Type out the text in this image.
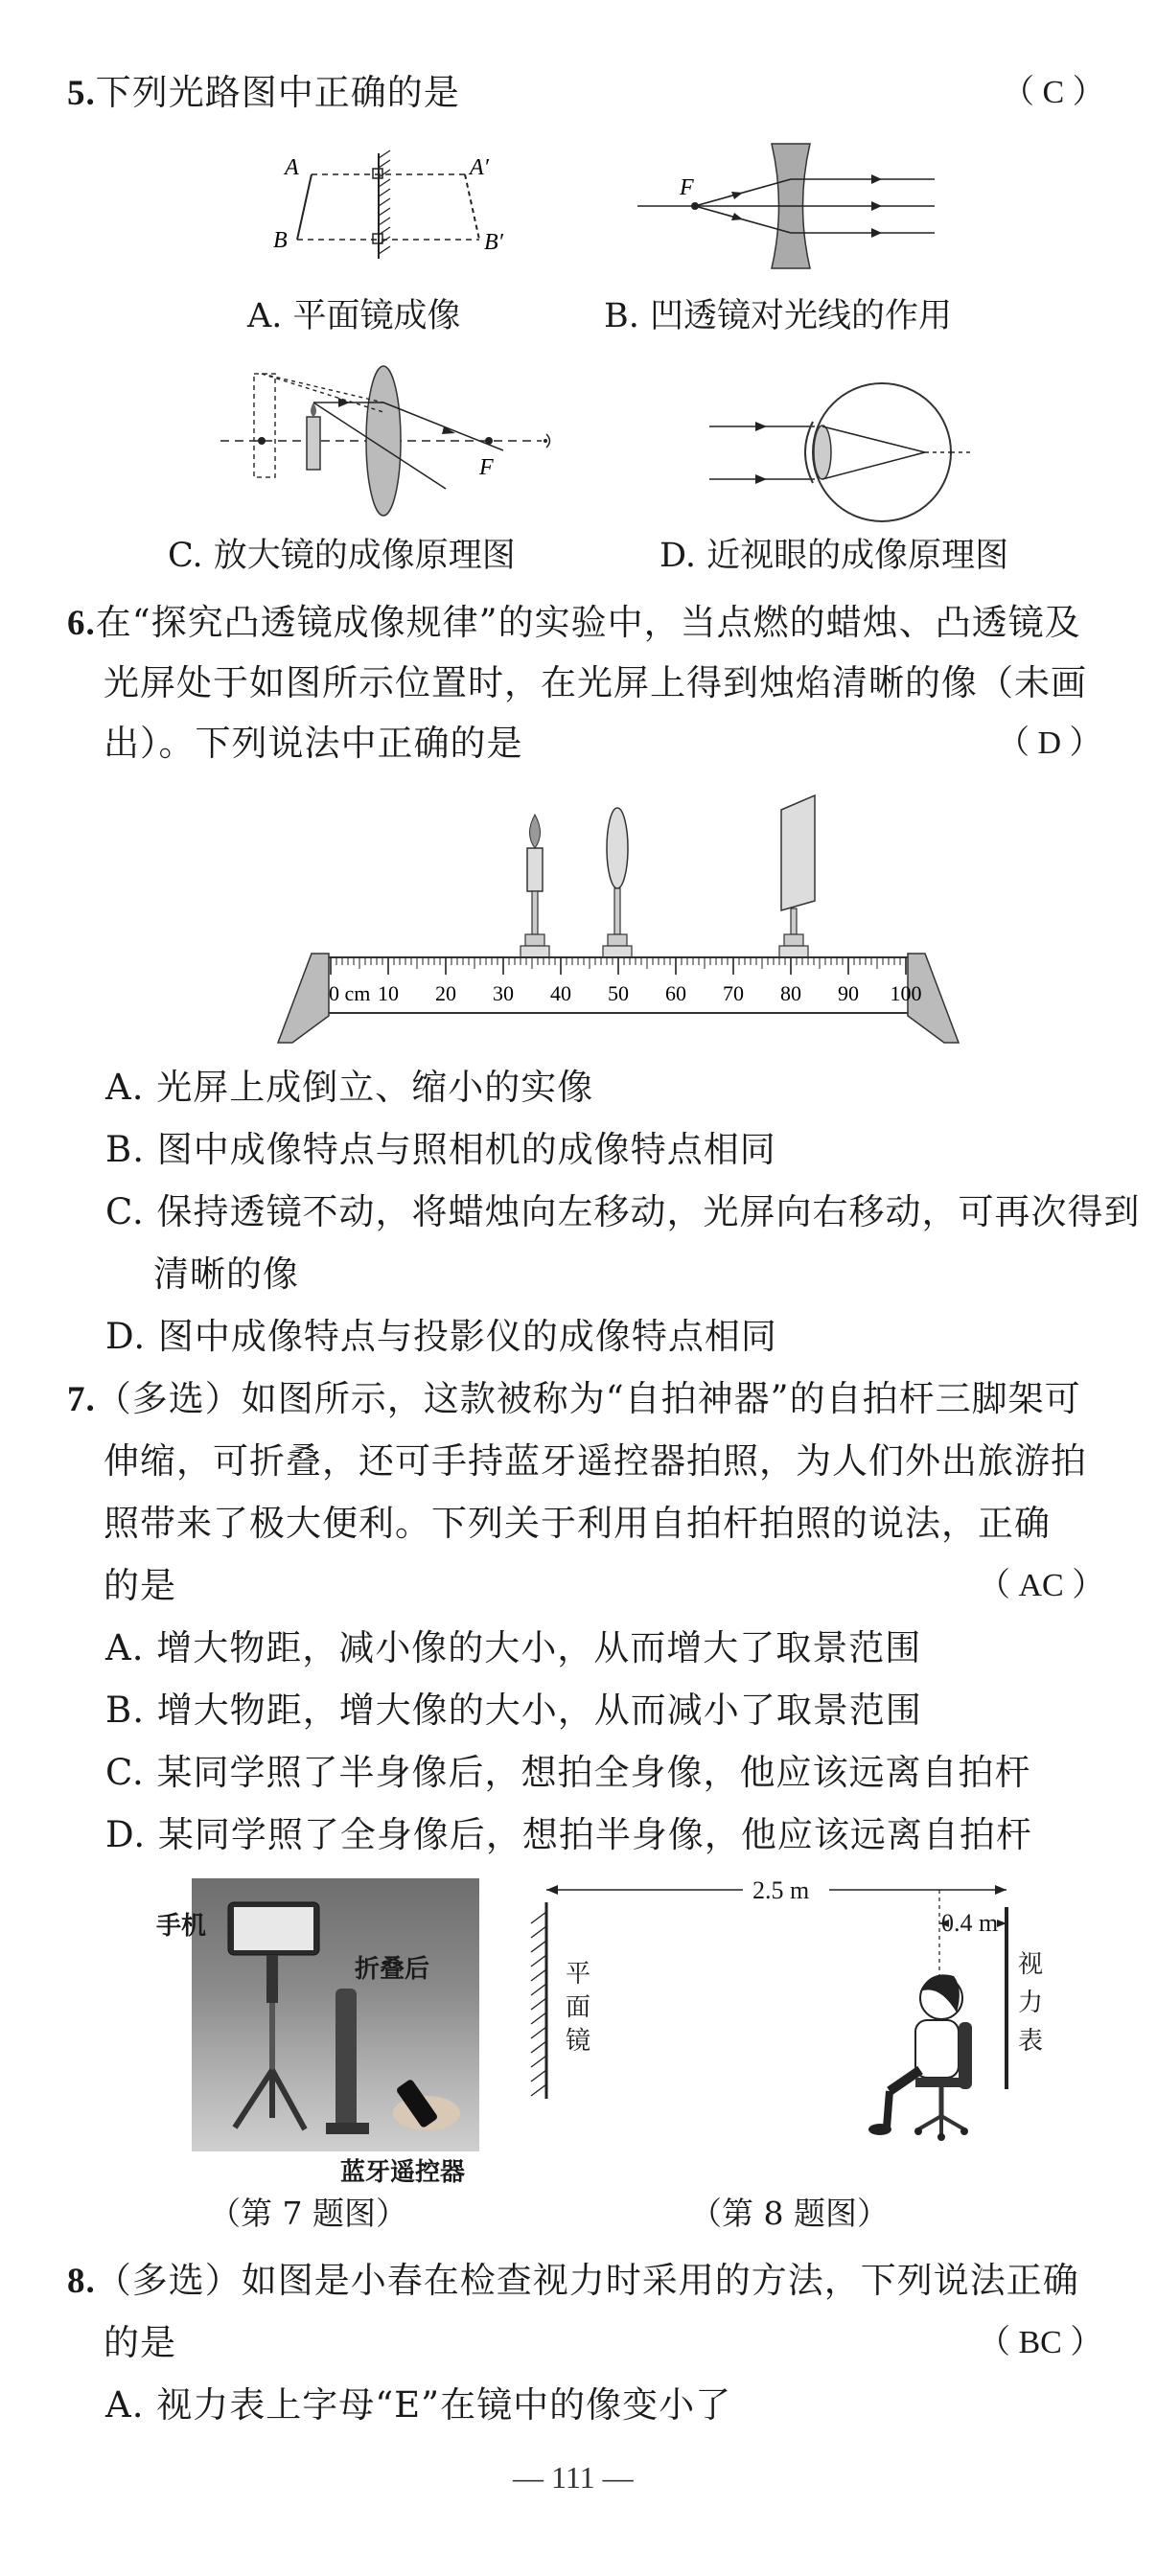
5.下列光路图中正确的是	（ C ）
A	A′
B	B′
F
A. 平面镜成像	B. 凹透镜对光线的作用
F
C. 放大镜的成像原理图	D. 近视眼的成像原理图
6.在“探究凸透镜成像规律”的实验中，当点燃的蜡烛、凸透镜及
光屏处于如图所示位置时，在光屏上得到烛焰清晰的像（未画
出）。下列说法中正确的是	（ D ）
0 cm 10 20 30 40 50 60 70 80 90 100
A. 光屏上成倒立、缩小的实像
B. 图中成像特点与照相机的成像特点相同
C. 保持透镜不动，将蜡烛向左移动，光屏向右移动，可再次得到
清晰的像
D. 图中成像特点与投影仪的成像特点相同
7.（多选）如图所示，这款被称为“自拍神器”的自拍杆三脚架可
伸缩，可折叠，还可手持蓝牙遥控器拍照，为人们外出旅游拍
照带来了极大便利。下列关于利用自拍杆拍照的说法，正确
的是	（ AC ）
A. 增大物距，减小像的大小，从而增大了取景范围
B. 增大物距，增大像的大小，从而减小了取景范围
C. 某同学照了半身像后，想拍全身像，他应该远离自拍杆
D. 某同学照了全身像后，想拍半身像，他应该远离自拍杆
手机
折叠后
蓝牙遥控器
（第 7 题图）
2.5 m
0.4 m
平
面
镜
视
力
表
（第 8 题图）
8.（多选）如图是小春在检查视力时采用的方法，下列说法正确
的是	（ BC ）
A. 视力表上字母“E”在镜中的像变小了
— 111 —
